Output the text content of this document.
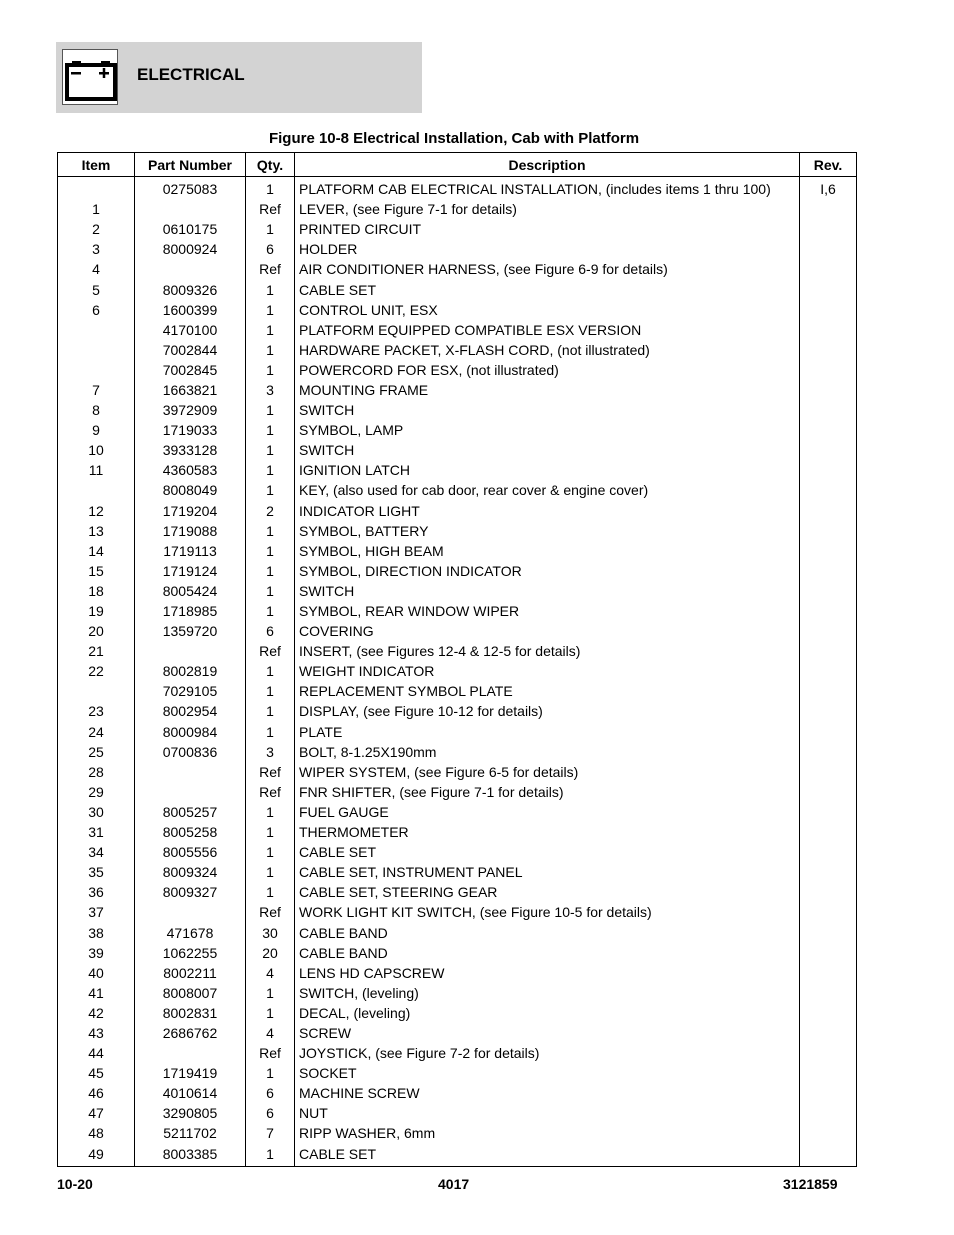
ELECTRICAL
Figure 10-8 Electrical Installation, Cab with Platform
Item	Part Number	Qty.	Description	Rev.
	0275083	1	PLATFORM CAB ELECTRICAL INSTALLATION, (includes items 1 thru 100)	I,6
1		Ref	LEVER, (see Figure 7-1 for details)	
2	0610175	1	PRINTED CIRCUIT	
3	8000924	6	HOLDER	
4		Ref	AIR CONDITIONER HARNESS, (see Figure 6-9 for details)	
5	8009326	1	CABLE SET	
6	1600399	1	CONTROL UNIT, ESX	
	4170100	1	PLATFORM EQUIPPED COMPATIBLE ESX VERSION	
	7002844	1	HARDWARE PACKET, X-FLASH CORD, (not illustrated)	
	7002845	1	POWERCORD FOR ESX, (not illustrated)	
7	1663821	3	MOUNTING FRAME	
8	3972909	1	SWITCH	
9	1719033	1	SYMBOL, LAMP	
10	3933128	1	SWITCH	
11	4360583	1	IGNITION LATCH	
	8008049	1	KEY, (also used for cab door, rear cover & engine cover)	
12	1719204	2	INDICATOR LIGHT	
13	1719088	1	SYMBOL, BATTERY	
14	1719113	1	SYMBOL, HIGH BEAM	
15	1719124	1	SYMBOL, DIRECTION INDICATOR	
18	8005424	1	SWITCH	
19	1718985	1	SYMBOL, REAR WINDOW WIPER	
20	1359720	6	COVERING	
21		Ref	INSERT, (see Figures 12-4 & 12-5 for details)	
22	8002819	1	WEIGHT INDICATOR	
	7029105	1	REPLACEMENT SYMBOL PLATE	
23	8002954	1	DISPLAY, (see Figure 10-12 for details)	
24	8000984	1	PLATE	
25	0700836	3	BOLT, 8-1.25X190mm	
28		Ref	WIPER SYSTEM, (see Figure 6-5 for details)	
29		Ref	FNR SHIFTER, (see Figure 7-1 for details)	
30	8005257	1	FUEL GAUGE	
31	8005258	1	THERMOMETER	
34	8005556	1	CABLE SET	
35	8009324	1	CABLE SET, INSTRUMENT PANEL	
36	8009327	1	CABLE SET, STEERING GEAR	
37		Ref	WORK LIGHT KIT SWITCH, (see Figure 10-5 for details)	
38	471678	30	CABLE BAND	
39	1062255	20	CABLE BAND	
40	8002211	4	LENS HD CAPSCREW	
41	8008007	1	SWITCH, (leveling)	
42	8002831	1	DECAL, (leveling)	
43	2686762	4	SCREW	
44		Ref	JOYSTICK, (see Figure 7-2 for details)	
45	1719419	1	SOCKET	
46	4010614	6	MACHINE SCREW	
47	3290805	6	NUT	
48	5211702	7	RIPP WASHER, 6mm	
49	8003385	1	CABLE SET	
10-20	4017	3121859
